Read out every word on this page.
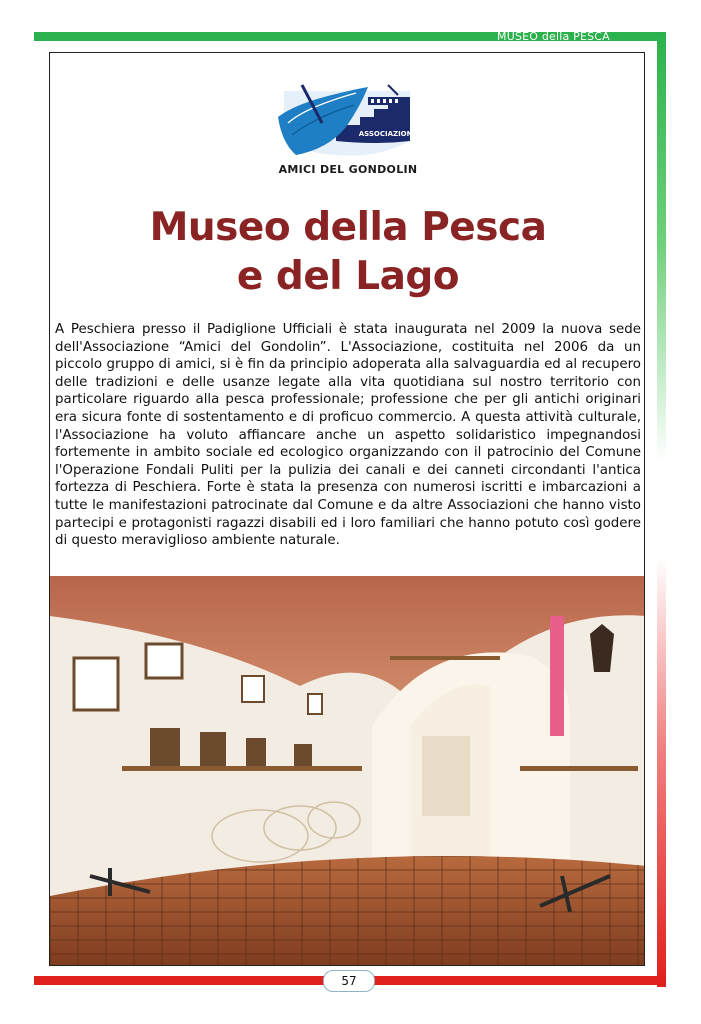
MUSEO della PESCA
ASSOCIAZIONE
AMICI DEL GONDOLIN
Museo della Pesca
e del Lago

A Peschiera presso il Padiglione Ufficiali è stata inaugurata nel 2009 la nuova sede dell'Associazione “Amici del Gondolin”. L'Associazione, costituita nel 2006 da un piccolo gruppo di amici, si è fin da principio adoperata alla salvaguardia ed al recupero delle tradizioni e delle usanze legate alla vita quotidiana sul nostro territorio con particolare riguardo alla pesca professionale; professione che per gli antichi originari era sicura fonte di sostentamento e di proficuo commercio. A questa attività culturale, l'Associazione ha voluto affiancare anche un aspetto solidaristico impegnandosi fortemente in ambito sociale ed ecologico organizzando con il patrocinio del Comune l'Operazione Fondali Puliti per la pulizia dei canali e dei canneti circondanti l'antica fortezza di Peschiera. Forte è stata la presenza con numerosi iscritti e imbarcazioni a tutte le manifestazioni patrocinate dal Comune e da altre Associazioni che hanno visto partecipi e protagonisti ragazzi disabili ed i loro familiari che hanno potuto così godere di questo meraviglioso ambiente naturale.

57
